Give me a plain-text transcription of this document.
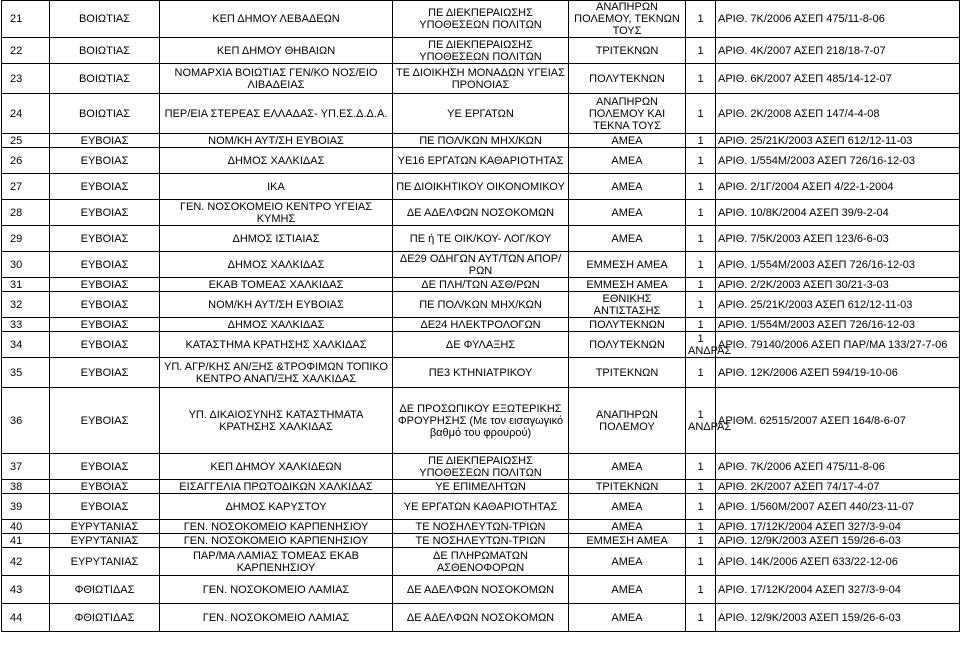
21	ΒΟΙΩΤΙΑΣ	ΚΕΠ ΔΗΜΟΥ ΛΕΒΑΔΕΩΝ	ΠΕ ΔΙΕΚΠΕΡΑΙΩΣΗΣ ΥΠΟΘΕΣΕΩΝ ΠΟΛΙΤΩΝ	ΑΝΑΠΗΡΩΝ ΠΟΛΕΜΟΥ, ΤΕΚΝΩΝ ΤΟΥΣ	1	ΑΡΙΘ. 7Κ/2006 ΑΣΕΠ 475/11-8-06
22	ΒΟΙΩΤΙΑΣ	ΚΕΠ ΔΗΜΟΥ ΘΗΒΑΙΩΝ	ΠΕ ΔΙΕΚΠΕΡΑΙΩΣΗΣ ΥΠΟΘΕΣΕΩΝ ΠΟΛΙΤΩΝ	ΤΡΙΤΕΚΝΩΝ	1	ΑΡΙΘ. 4Κ/2007 ΑΣΕΠ 218/18-7-07
23	ΒΟΙΩΤΙΑΣ	ΝΟΜΑΡΧΙΑ ΒΟΙΩΤΙΑΣ ΓΕΝ/ΚΟ ΝΟΣ/ΕΙΟ ΛΙΒΑΔΕΙΑΣ	ΤΕ ΔΙΟΙΚΗΣΗ ΜΟΝΑΔΩΝ ΥΓΕΙΑΣ ΠΡΟΝΟΙΑΣ	ΠΟΛΥΤΕΚΝΩΝ	1	ΑΡΙΘ. 6Κ/2007 ΑΣΕΠ 485/14-12-07
24	ΒΟΙΩΤΙΑΣ	ΠΕΡ/ΕΙΑ ΣΤΕΡΕΑΣ ΕΛΛΑΔΑΣ- ΥΠ.ΕΣ.Δ.Δ.Α.	ΥΕ ΕΡΓΑΤΩΝ	ΑΝΑΠΗΡΩΝ ΠΟΛΕΜΟΥ ΚΑΙ ΤΕΚΝΑ ΤΟΥΣ	1	ΑΡΙΘ. 2Κ/2008 ΑΣΕΠ 147/4-4-08
25	ΕΥΒΟΙΑΣ	ΝΟΜ/ΚΗ ΑΥΤ/ΣΗ ΕΥΒΟΙΑΣ	ΠΕ ΠΟΛ/ΚΩΝ ΜΗΧ/ΚΩΝ	ΑΜΕΑ	1	ΑΡΙΘ. 25/21Κ/2003 ΑΣΕΠ 612/12-11-03
26	ΕΥΒΟΙΑΣ	ΔΗΜΟΣ ΧΑΛΚΙΔΑΣ	ΥΕ16 ΕΡΓΑΤΩΝ ΚΑΘΑΡΙΟΤΗΤΑΣ	ΑΜΕΑ	1	ΑΡΙΘ. 1/554Μ/2003 ΑΣΕΠ 726/16-12-03
27	ΕΥΒΟΙΑΣ	ΙΚΑ	ΠΕ ΔΙΟΙΚΗΤΙΚΟΥ ΟΙΚΟΝΟΜΙΚΟΥ	ΑΜΕΑ	1	ΑΡΙΘ. 2/1Γ/2004 ΑΣΕΠ 4/22-1-2004
28	ΕΥΒΟΙΑΣ	ΓΕΝ. ΝΟΣΟΚΟΜΕΙΟ ΚΕΝΤΡΟ ΥΓΕΙΑΣ ΚΥΜΗΣ	ΔΕ ΑΔΕΛΦΩΝ ΝΟΣΟΚΟΜΩΝ	ΑΜΕΑ	1	ΑΡΙΘ. 10/8Κ/2004 ΑΣΕΠ 39/9-2-04
29	ΕΥΒΟΙΑΣ	ΔΗΜΟΣ ΙΣΤΙΑΙΑΣ	ΠΕ ή ΤΕ ΟΙΚ/ΚΟΥ- ΛΟΓ/ΚΟΥ	ΑΜΕΑ	1	ΑΡΙΘ. 7/5Κ/2003 ΑΣΕΠ 123/6-6-03
30	ΕΥΒΟΙΑΣ	ΔΗΜΟΣ ΧΑΛΚΙΔΑΣ	ΔΕ29 ΟΔΗΓΩΝ ΑΥΤ/ΤΩΝ ΑΠΟΡ/ΡΩΝ	ΕΜΜΕΣΗ ΑΜΕΑ	1	ΑΡΙΘ. 1/554Μ/2003 ΑΣΕΠ 726/16-12-03
31	ΕΥΒΟΙΑΣ	ΕΚΑΒ ΤΟΜΕΑΣ ΧΑΛΚΙΔΑΣ	ΔΕ ΠΛΗ/ΤΩΝ ΑΣΘ/ΡΩΝ	ΕΜΜΕΣΗ ΑΜΕΑ	1	ΑΡΙΘ. 2/2Κ/2003 ΑΣΕΠ 30/21-3-03
32	ΕΥΒΟΙΑΣ	ΝΟΜ/ΚΗ ΑΥΤ/ΣΗ ΕΥΒΟΙΑΣ	ΠΕ ΠΟΛ/ΚΩΝ ΜΗΧ/ΚΩΝ	ΕΘΝΙΚΗΣ ΑΝΤΙΣΤΑΣΗΣ	1	ΑΡΙΘ. 25/21Κ/2003 ΑΣΕΠ 612/12-11-03
33	ΕΥΒΟΙΑΣ	ΔΗΜΟΣ ΧΑΛΚΙΔΑΣ	ΔΕ24 ΗΛΕΚΤΡΟΛΟΓΩΝ	ΠΟΛΥΤΕΚΝΩΝ	1	ΑΡΙΘ. 1/554Μ/2003 ΑΣΕΠ 726/16-12-03
34	ΕΥΒΟΙΑΣ	ΚΑΤΑΣΤΗΜΑ ΚΡΑΤΗΣΗΣ ΧΑΛΚΙΔΑΣ	ΔΕ ΦΥΛΑΞΗΣ	ΠΟΛΥΤΕΚΝΩΝ	1 ΑΝΔΡΑΣ	ΑΡΙΘ. 79140/2006 ΑΣΕΠ ΠΑΡ/ΜΑ 133/27-7-06
35	ΕΥΒΟΙΑΣ	ΥΠ. ΑΓΡ/ΚΗΣ ΑΝ/ΞΗΣ &ΤΡΟΦΙΜΩΝ ΤΟΠΙΚΟ ΚΕΝΤΡΟ ΑΝΑΠ/ΞΗΣ ΧΑΛΚΙΔΑΣ	ΠΕ3 ΚΤΗΝΙΑΤΡΙΚΟΥ	ΤΡΙΤΕΚΝΩΝ	1	ΑΡΙΘ. 12Κ/2006 ΑΣΕΠ 594/19-10-06
36	ΕΥΒΟΙΑΣ	ΥΠ. ΔΙΚΑΙΟΣΥΝΗΣ ΚΑΤΑΣΤΗΜΑΤΑ ΚΡΑΤΗΣΗΣ ΧΑΛΚΙΔΑΣ	ΔΕ ΠΡΟΣΩΠΙΚΟΥ ΕΞΩΤΕΡΙΚΗΣ ΦΡΟΥΡΗΣΗΣ (Με τον εισαγωγικό βαθμό του φρουρού)	ΑΝΑΠΗΡΩΝ ΠΟΛΕΜΟΥ	1 ΑΝΔΡΑΣ	ΑΡΙΘΜ. 62515/2007 ΑΣΕΠ 164/8-6-07
37	ΕΥΒΟΙΑΣ	ΚΕΠ ΔΗΜΟΥ ΧΑΛΚΙΔΕΩΝ	ΠΕ ΔΙΕΚΠΕΡΑΙΩΣΗΣ ΥΠΟΘΕΣΕΩΝ ΠΟΛΙΤΩΝ	ΑΜΕΑ	1	ΑΡΙΘ. 7Κ/2006 ΑΣΕΠ 475/11-8-06
38	ΕΥΒΟΙΑΣ	ΕΙΣΑΓΓΕΛΙΑ ΠΡΩΤΟΔΙΚΩΝ ΧΑΛΚΙΔΑΣ	ΥΕ ΕΠΙΜΕΛΗΤΩΝ	ΤΡΙΤΕΚΝΩΝ	1	ΑΡΙΘ. 2Κ/2007 ΑΣΕΠ 74/17-4-07
39	ΕΥΒΟΙΑΣ	ΔΗΜΟΣ ΚΑΡΥΣΤΟΥ	ΥΕ ΕΡΓΑΤΩΝ ΚΑΘΑΡΙΟΤΗΤΑΣ	ΑΜΕΑ	1	ΑΡΙΘ. 1/560Μ/2007 ΑΣΕΠ 440/23-11-07
40	ΕΥΡΥΤΑΝΙΑΣ	ΓΕΝ. ΝΟΣΟΚΟΜΕΙΟ ΚΑΡΠΕΝΗΣΙΟΥ	ΤΕ ΝΟΣΗΛΕΥΤΩΝ-ΤΡΙΩΝ	ΑΜΕΑ	1	ΑΡΙΘ. 17/12Κ/2004 ΑΣΕΠ 327/3-9-04
41	ΕΥΡΥΤΑΝΙΑΣ	ΓΕΝ. ΝΟΣΟΚΟΜΕΙΟ ΚΑΡΠΕΝΗΣΙΟΥ	ΤΕ ΝΟΣΗΛΕΥΤΩΝ-ΤΡΙΩΝ	ΕΜΜΕΣΗ ΑΜΕΑ	1	ΑΡΙΘ. 12/9Κ/2003 ΑΣΕΠ 159/26-6-03
42	ΕΥΡΥΤΑΝΙΑΣ	ΠΑΡ/ΜΑ ΛΑΜΙΑΣ ΤΟΜΕΑΣ ΕΚΑΒ ΚΑΡΠΕΝΗΣΙΟΥ	ΔΕ ΠΛΗΡΩΜΑΤΩΝ ΑΣΘΕΝΟΦΟΡΩΝ	ΑΜΕΑ	1	ΑΡΙΘ. 14Κ/2006 ΑΣΕΠ 633/22-12-06
43	ΦΘΙΩΤΙΔΑΣ	ΓΕΝ. ΝΟΣΟΚΟΜΕΙΟ ΛΑΜΙΑΣ	ΔΕ ΑΔΕΛΦΩΝ ΝΟΣΟΚΟΜΩΝ	ΑΜΕΑ	1	ΑΡΙΘ. 17/12Κ/2004 ΑΣΕΠ 327/3-9-04
44	ΦΘΙΩΤΙΔΑΣ	ΓΕΝ. ΝΟΣΟΚΟΜΕΙΟ ΛΑΜΙΑΣ	ΔΕ ΑΔΕΛΦΩΝ ΝΟΣΟΚΟΜΩΝ	ΑΜΕΑ	1	ΑΡΙΘ. 12/9Κ/2003 ΑΣΕΠ 159/26-6-03
